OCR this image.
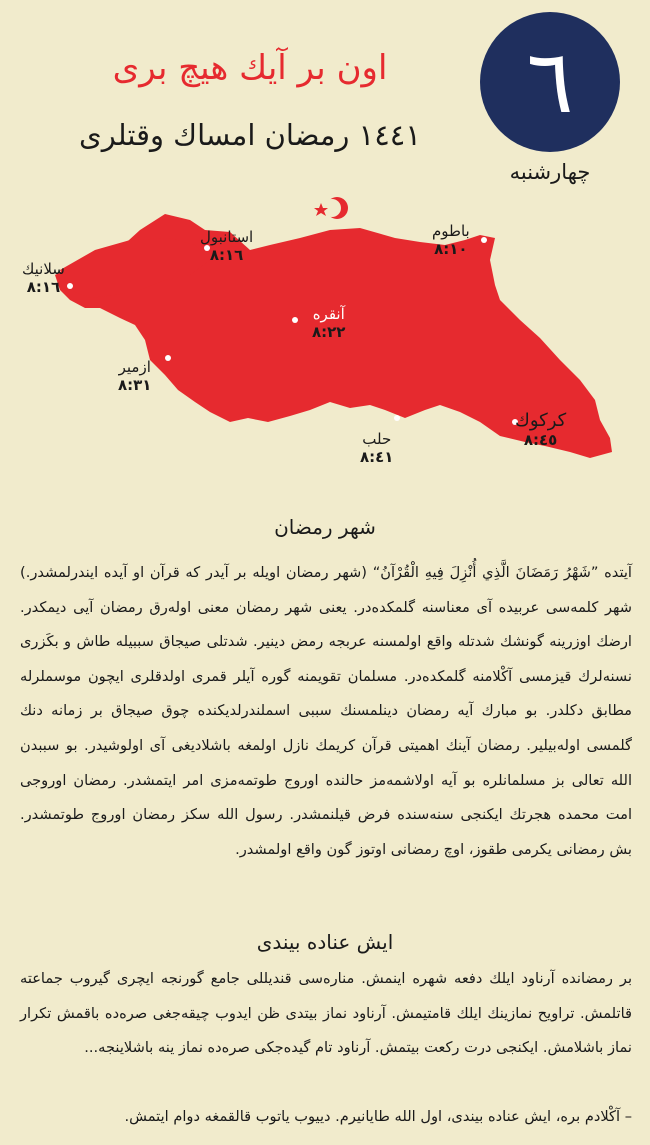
٦
چهارشنبه
اون بر آیك هیچ بری
١٤٤١ رمضان امساك وقتلری
استانبول
٨:١٦
باطوم
٨:١٠
سلانیك
٨:١٦
آنقره
٨:٢٢
ازمیر
٨:٣١
كركوك
٨:٤٥
حلب
٨:٤١
شهر رمضان
آیتده ”شَهْرُ رَمَضَانَ الَّذِي أُنْزِلَ فِيهِ الْقُرْآنُ“ (شهر رمضان اویله بر آیدر كه قرآن او آیده ایندرلمشدر.) شهر كلمه‌سی عربیده آی معناسنه گلمكده‌در. یعنی شهر رمضان معنی اوله‌رق رمضان آیی دیمكدر. ارضك اوزرینه گونشك شدتله واقع اولمسنه عربجه رمض دینیر. شدتلی صیجاق سببیله طاش و بكَزری نسنه‌لرك قیزمسی آكْلامنه گلمكده‌در. مسلمان تقویمنه گوره آیلر قمری اولدقلری ایچون موسملرله مطابق دكلدر. بو مبارك آیه رمضان دینلمسنك سببی اسملندرلدیكنده چوق صیجاق بر زمانه دنك گلمسی اوله‌بیلیر. رمضان آینك اهمیتی قرآن كریمك نازل اولمغه باشلادیغی آی اولوشیدر. بو سببدن الله تعالی بز مسلمانلره بو آیه اولاشمه‌مز حالنده اوروج طوتمه‌مزی امر ایتمشدر. رمضان اوروجی امت محمده هجرتك ایكنجی سنه‌سنده فرض قیلنمشدر. رسول الله سكز رمضان اوروج طوتمشدر. بش رمضانی یكرمی طقوز، اوچ رمضانی اوتوز گون واقع اولمشدر.
ایش عناده بیندی
بر رمضانده آرناود ایلك دفعه شهره اینمش. مناره‌سی قندیللی جامع گورنجه ایچری گیروب جماعته قاتلمش. تراویح نمازینك ایلك قامتیمش. آرناود نماز بیتدی ظن ایدوب چیقه‌جغی صره‌ده باقمش تكرار نماز باشلامش. ایكنجی درت ركعت بیتمش. آرناود تام گیده‌جكی صره‌ده نماز ینه باشلاینجه...
– آكْلادم بره، ایش عناده بیندی، اول الله طایانیرم. دییوب یاتوب قالقمغه دوام ایتمش.
